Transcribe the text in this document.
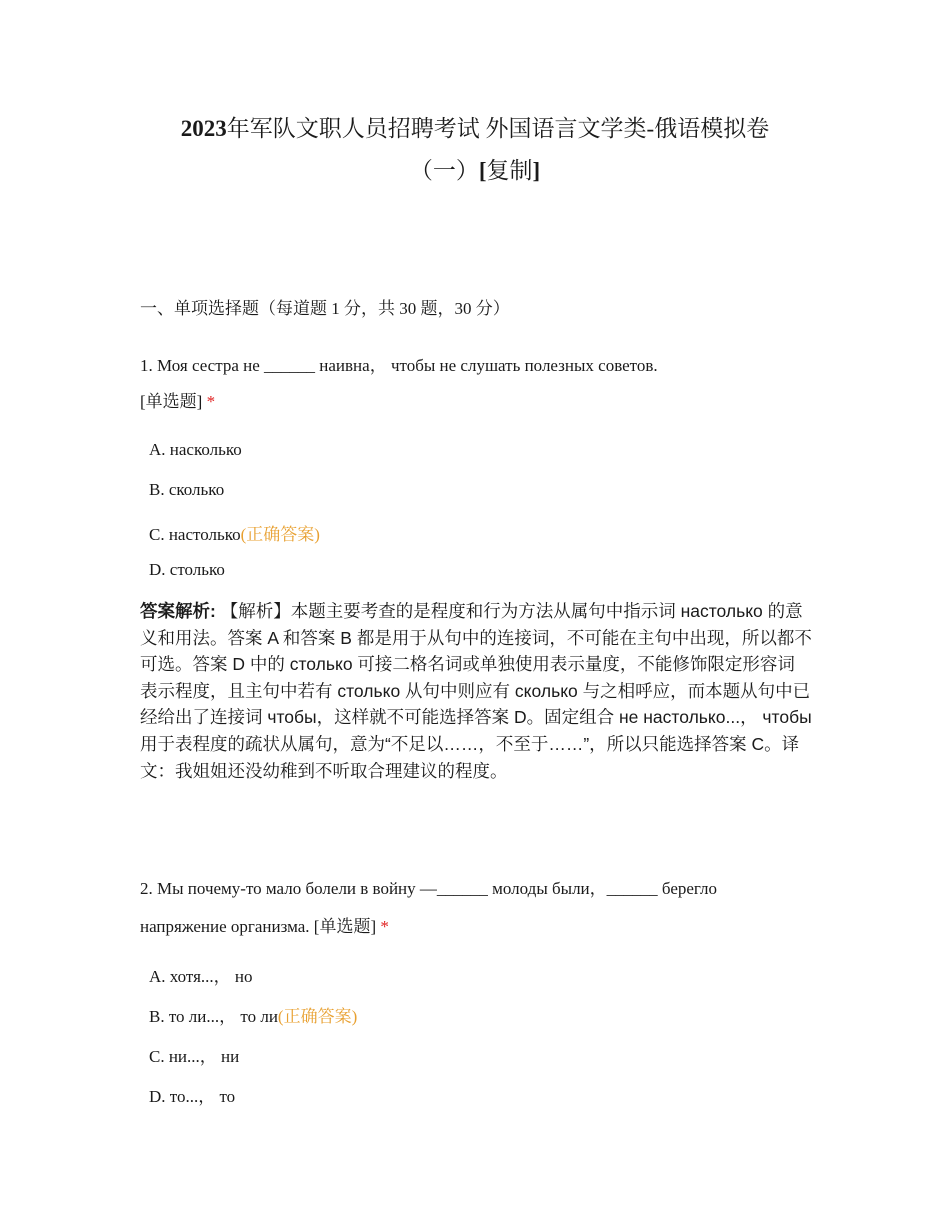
2023年军队文职人员招聘考试 外国语言文学类-俄语模拟卷
（一）[复制]
一、单项选择题（每道题 1 分，共 30 题，30 分）

1. Моя сестра не ______ наивна， чтобы не слушать полезных советов.
[单选题] *

A. насколько
B. сколько
C. настолько(正确答案)
D. столько

答案解析: 【解析】本题主要考查的是程度和行为方法从属句中指示词 настолько 的意义和用法。答案 A 和答案 B 都是用于从句中的连接词，不可能在主句中出现，所以都不可选。答案 D 中的 столько 可接二格名词或单独使用表示量度，不能修饰限定形容词表示程度，且主句中若有 столько 从句中则应有 сколько 与之相呼应，而本题从句中已经给出了连接词 чтобы，这样就不可能选择答案 D。固定组合 не настолько...， чтобы 用于表程度的疏状从属句，意为“不足以……，不至于……”，所以只能选择答案 C。译文：我姐姐还没幼稚到不听取合理建议的程度。

2. Мы почему-то мало болели в войну —______ молоды были，______ берегло
напряжение организма. [单选题] *

A. хотя...， но
B. то ли...， то ли(正确答案)
C. ни...， ни
D. то...， то
